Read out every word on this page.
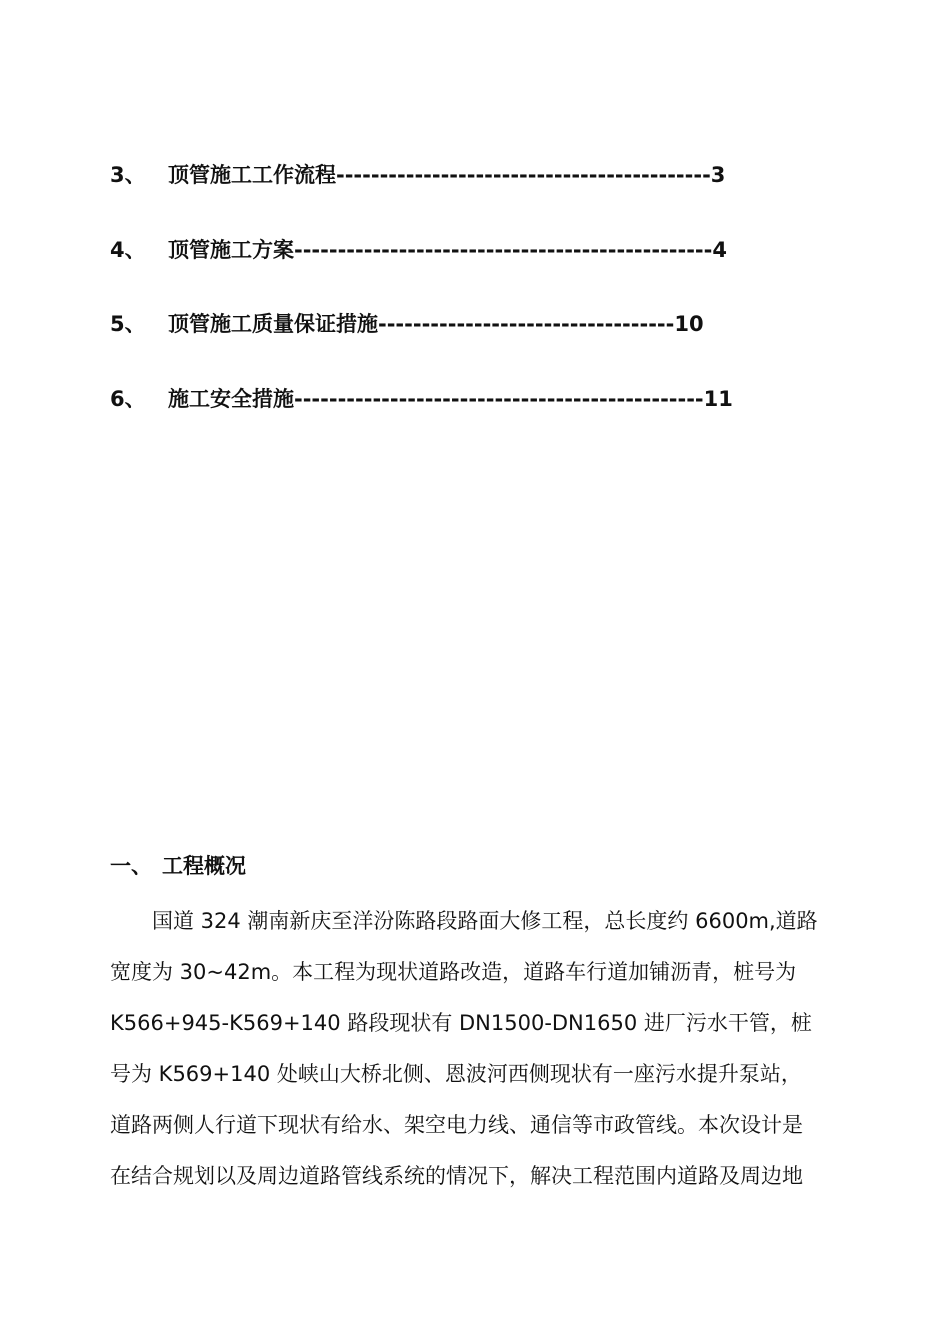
3、 顶管施工工作流程-------------------------------------------3
4、 顶管施工方案------------------------------------------------4
5、 顶管施工质量保证措施----------------------------------10
6、 施工安全措施-----------------------------------------------11
一、 工程概况
国道 324 潮南新庆至洋汾陈路段路面大修工程，总长度约 6600m,道路
宽度为 30~42m。本工程为现状道路改造，道路车行道加铺沥青，桩号为
K566+945-K569+140 路段现状有 DN1500-DN1650 进厂污水干管，桩
号为 K569+140 处峡山大桥北侧、恩波河西侧现状有一座污水提升泵站，
道路两侧人行道下现状有给水、架空电力线、通信等市政管线。本次设计是
在结合规划以及周边道路管线系统的情况下，解决工程范围内道路及周边地
